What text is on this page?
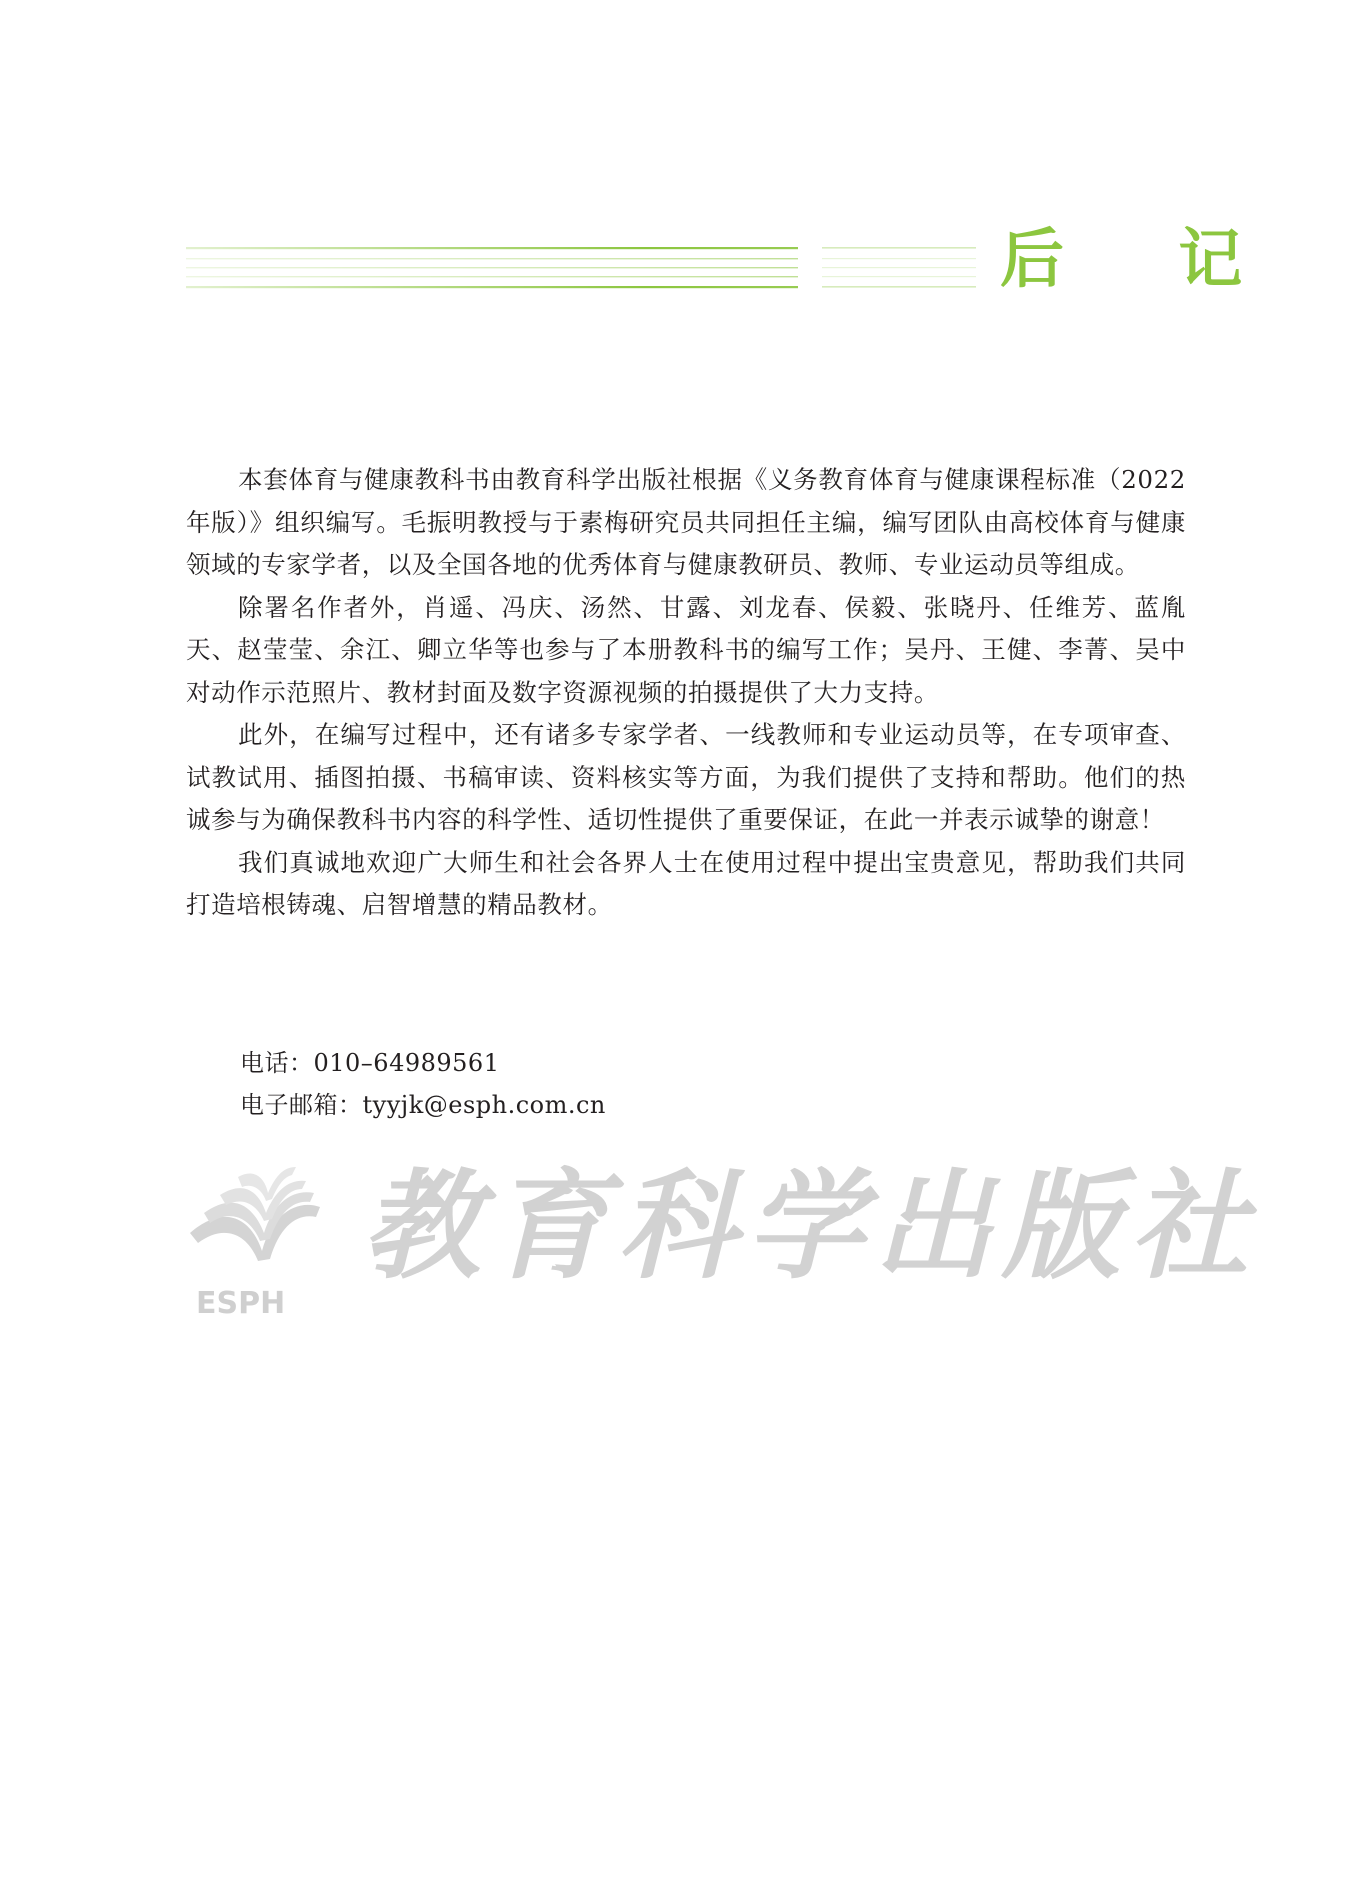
后 记

本套体育与健康教科书由教育科学出版社根据《义务教育体育与健康课程标准（2022 年版）》组织编写。毛振明教授与于素梅研究员共同担任主编，编写团队由高校体育与健康领域的专家学者，以及全国各地的优秀体育与健康教研员、教师、专业运动员等组成。

除署名作者外，肖遥、冯庆、汤然、甘露、刘龙春、侯毅、张晓丹、任维芳、蓝胤天、赵莹莹、余江、卿立华等也参与了本册教科书的编写工作；吴丹、王健、李菁、吴中对动作示范照片、教材封面及数字资源视频的拍摄提供了大力支持。

此外，在编写过程中，还有诸多专家学者、一线教师和专业运动员等，在专项审查、试教试用、插图拍摄、书稿审读、资料核实等方面，为我们提供了支持和帮助。他们的热诚参与为确保教科书内容的科学性、适切性提供了重要保证，在此一并表示诚挚的谢意！

我们真诚地欢迎广大师生和社会各界人士在使用过程中提出宝贵意见，帮助我们共同打造培根铸魂、启智增慧的精品教材。

电话：010–64989561
电子邮箱：tyyjk@esph.com.cn
ESPH
教育科学出版社
